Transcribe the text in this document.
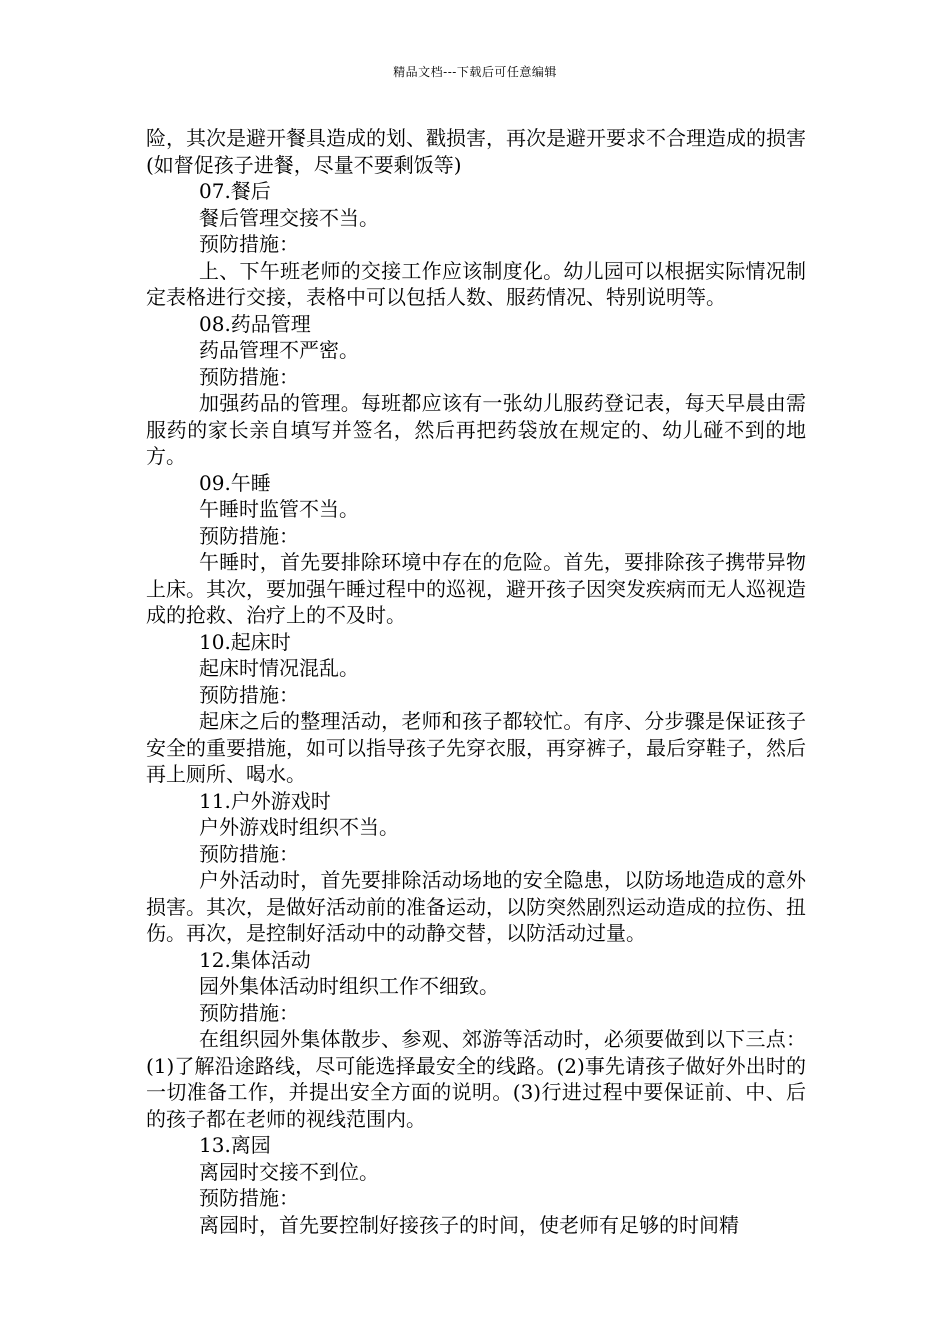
精品文档---下载后可任意编辑

险，其次是避开餐具造成的划、戳损害，再次是避开要求不合理造成的损害(如督促孩子进餐，尽量不要剩饭等)

07.餐后

餐后管理交接不当。

预防措施：

上、下午班老师的交接工作应该制度化。幼儿园可以根据实际情况制定表格进行交接，表格中可以包括人数、服药情况、特别说明等。

08.药品管理

药品管理不严密。

预防措施：

加强药品的管理。每班都应该有一张幼儿服药登记表，每天早晨由需服药的家长亲自填写并签名，然后再把药袋放在规定的、幼儿碰不到的地方。

09.午睡

午睡时监管不当。

预防措施：

午睡时，首先要排除环境中存在的危险。首先，要排除孩子携带异物上床。其次，要加强午睡过程中的巡视，避开孩子因突发疾病而无人巡视造成的抢救、治疗上的不及时。

10.起床时

起床时情况混乱。

预防措施：

起床之后的整理活动，老师和孩子都较忙。有序、分步骤是保证孩子安全的重要措施，如可以指导孩子先穿衣服，再穿裤子，最后穿鞋子，然后再上厕所、喝水。

11.户外游戏时

户外游戏时组织不当。

预防措施：

户外活动时，首先要排除活动场地的安全隐患，以防场地造成的意外损害。其次，是做好活动前的准备运动，以防突然剧烈运动造成的拉伤、扭伤。再次，是控制好活动中的动静交替，以防活动过量。

12.集体活动

园外集体活动时组织工作不细致。

预防措施：

在组织园外集体散步、参观、郊游等活动时，必须要做到以下三点：(1)了解沿途路线，尽可能选择最安全的线路。(2)事先请孩子做好外出时的一切准备工作，并提出安全方面的说明。(3)行进过程中要保证前、中、后的孩子都在老师的视线范围内。

13.离园

离园时交接不到位。

预防措施：

离园时，首先要控制好接孩子的时间，使老师有足够的时间精
